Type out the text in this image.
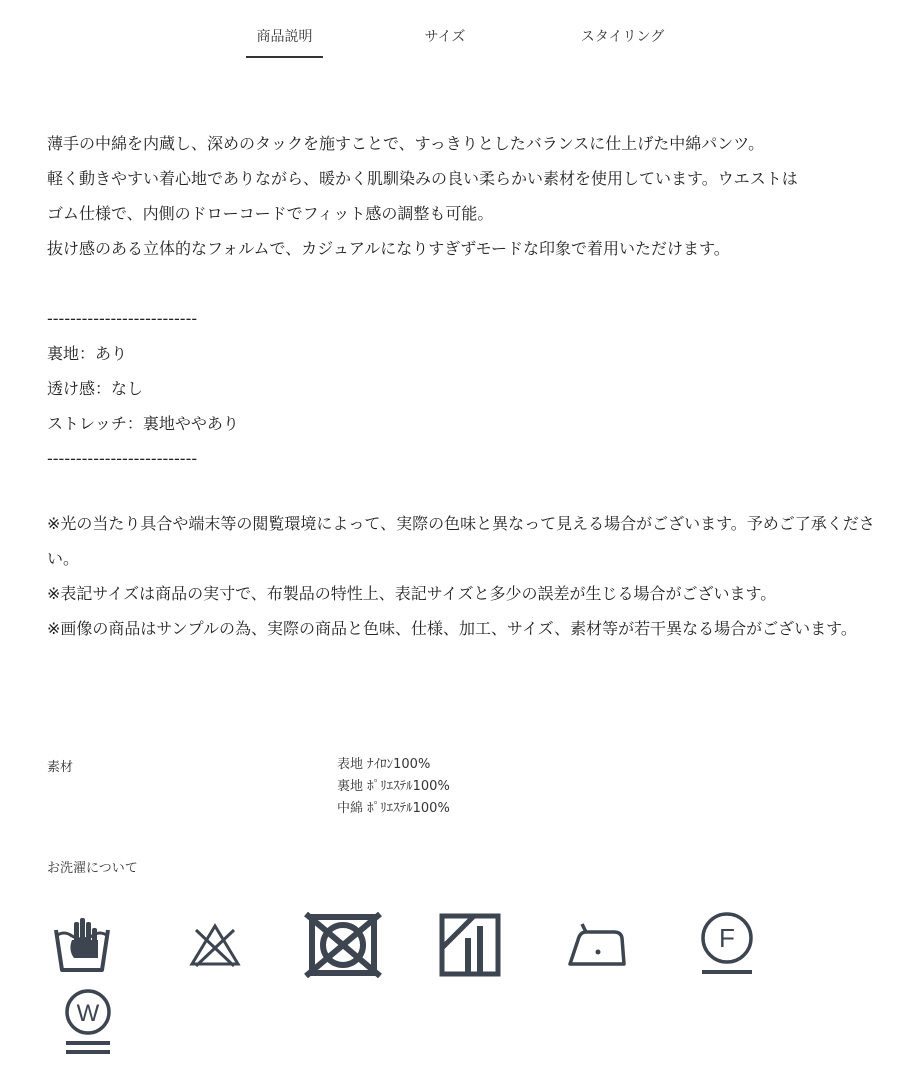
商品説明	サイズ	スタイリング

薄手の中綿を内蔵し、深めのタックを施すことで、すっきりとしたバランスに仕上げた中綿パンツ。

軽く動きやすい着心地でありながら、暖かく肌馴染みの良い柔らかい素材を使用しています。ウエストは

ゴム仕様で、内側のドローコードでフィット感の調整も可能。

抜け感のある立体的なフォルムで、カジュアルになりすぎずモードな印象で着用いただけます。

--------------------------

裏地：あり

透け感：なし

ストレッチ：裏地ややあり

--------------------------

※光の当たり具合や端末等の閲覧環境によって、実際の色味と異なって見える場合がございます。予めご了承ください。

※表記サイズは商品の実寸で、布製品の特性上、表記サイズと多少の誤差が生じる場合がございます。

※画像の商品はサンプルの為、実際の商品と色味、仕様、加工、サイズ、素材等が若干異なる場合がございます。

素材	表地 ﾅｲﾛﾝ100%
裏地 ﾎﾟﾘｴｽﾃﾙ100%
中綿 ﾎﾟﾘｴｽﾃﾙ100%
お洗濯について
F
W
